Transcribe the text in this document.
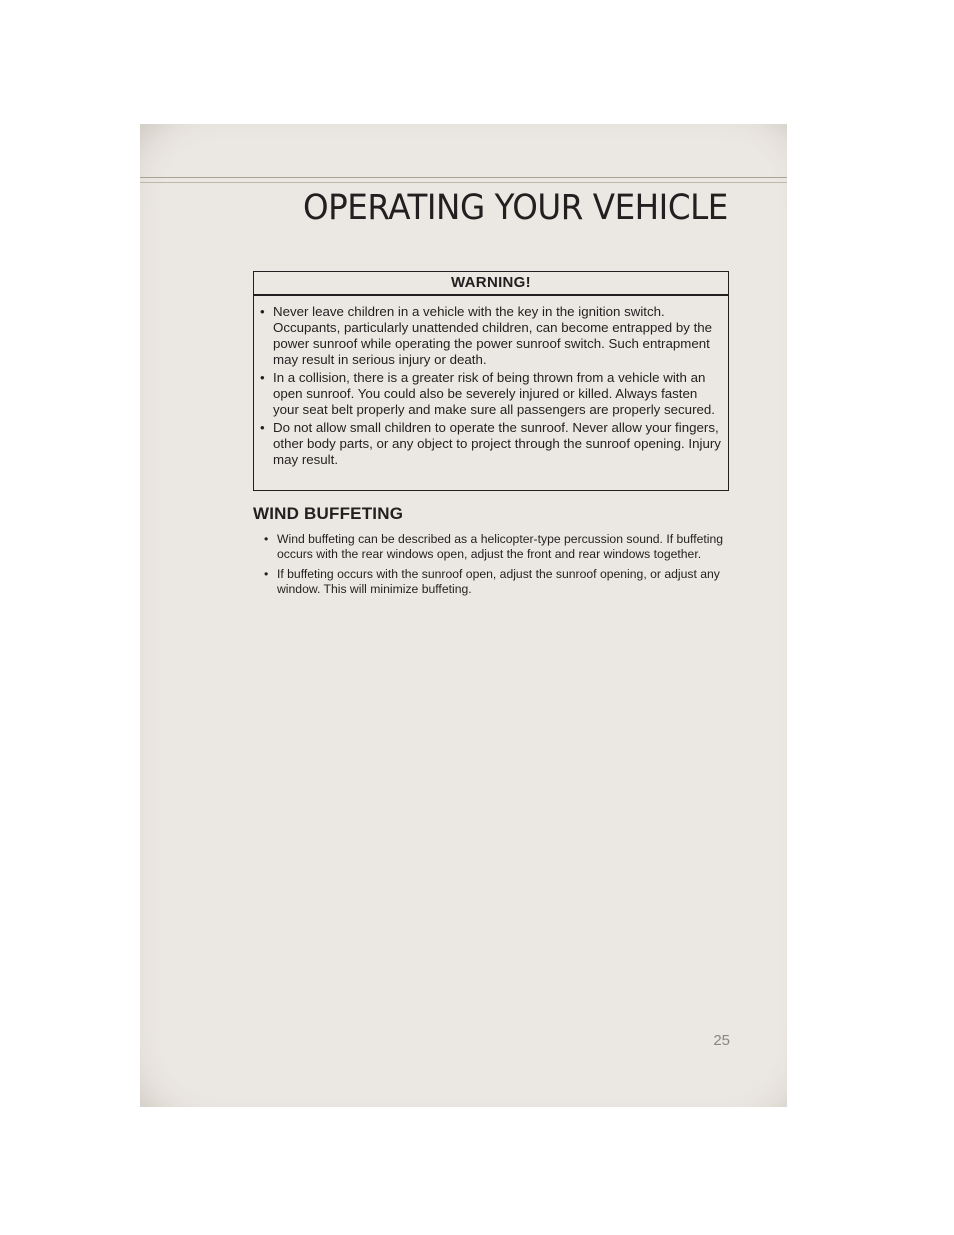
OPERATING YOUR VEHICLE
WARNING!
• Never leave children in a vehicle with the key in the ignition switch. Occupants, particularly unattended children, can become entrapped by the power sunroof while operating the power sunroof switch. Such entrapment may result in serious injury or death.
• In a collision, there is a greater risk of being thrown from a vehicle with an open sunroof. You could also be severely injured or killed. Always fasten your seat belt properly and make sure all passengers are properly secured.
• Do not allow small children to operate the sunroof. Never allow your fingers, other body parts, or any object to project through the sunroof opening. Injury may result.
WIND BUFFETING
• Wind buffeting can be described as a helicopter-type percussion sound. If buffeting occurs with the rear windows open, adjust the front and rear windows together.
• If buffeting occurs with the sunroof open, adjust the sunroof opening, or adjust any window. This will minimize buffeting.
25
